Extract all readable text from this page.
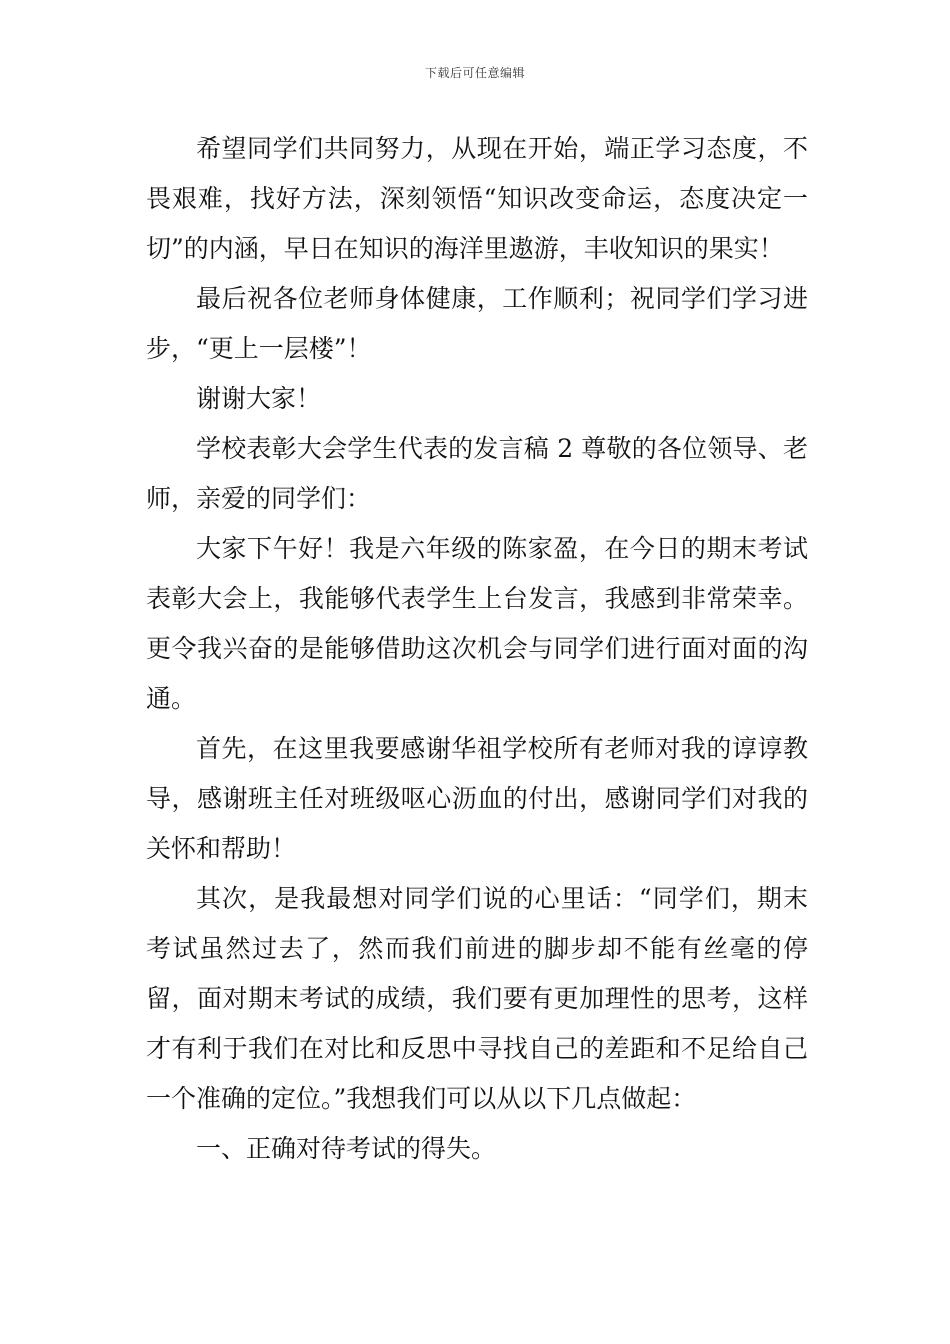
下载后可任意编辑

希望同学们共同努力，从现在开始，端正学习态度，不畏艰难，找好方法，深刻领悟“知识改变命运，态度决定一切”的内涵，早日在知识的海洋里遨游，丰收知识的果实！

最后祝各位老师身体健康，工作顺利；祝同学们学习进步，“更上一层楼”！

谢谢大家！

学校表彰大会学生代表的发言稿 2 尊敬的各位领导、老师，亲爱的同学们：

大家下午好！我是六年级的陈家盈，在今日的期末考试表彰大会上，我能够代表学生上台发言，我感到非常荣幸。更令我兴奋的是能够借助这次机会与同学们进行面对面的沟通。

首先，在这里我要感谢华祖学校所有老师对我的谆谆教导，感谢班主任对班级呕心沥血的付出，感谢同学们对我的关怀和帮助！

其次，是我最想对同学们说的心里话：“同学们，期末考试虽然过去了，然而我们前进的脚步却不能有丝毫的停留，面对期末考试的成绩，我们要有更加理性的思考，这样才有利于我们在对比和反思中寻找自己的差距和不足给自己一个准确的定位。”我想我们可以从以下几点做起：

一、正确对待考试的得失。
